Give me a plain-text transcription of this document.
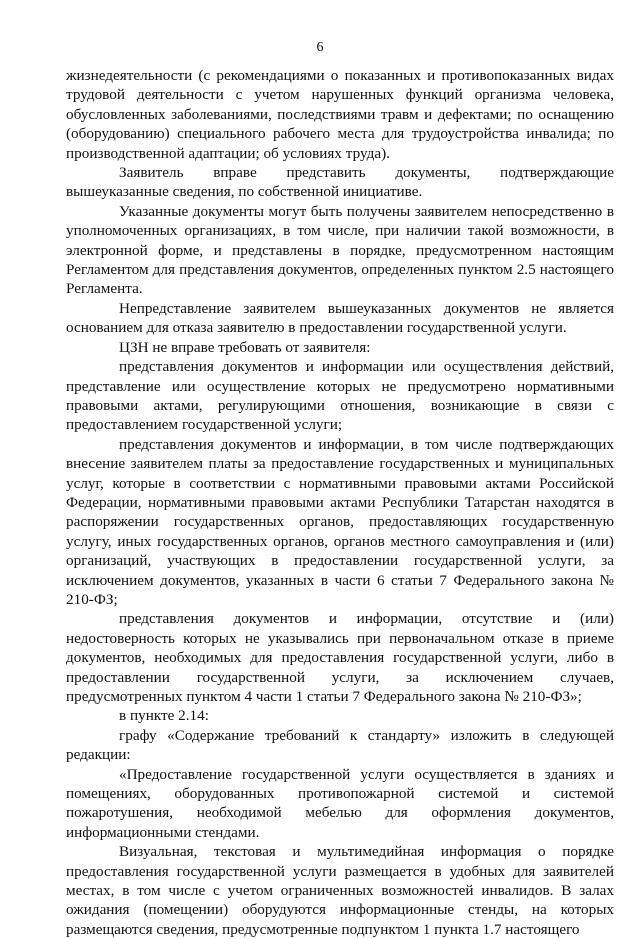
6

жизнедеятельности (с рекомендациями о показанных и противопоказанных видах трудовой деятельности с учетом нарушенных функций организма человека, обусловленных заболеваниями, последствиями травм и дефектами; по оснащению (оборудованию) специального рабочего места для трудоустройства инвалида; по производственной адаптации; об условиях труда).

Заявитель вправе представить документы, подтверждающие вышеуказанные сведения, по собственной инициативе.

Указанные документы могут быть получены заявителем непосредственно в уполномоченных организациях, в том числе, при наличии такой возможности, в электронной форме, и представлены в порядке, предусмотренном настоящим Регламентом для представления документов, определенных пунктом 2.5 настоящего Регламента.

Непредставление заявителем вышеуказанных документов не является основанием для отказа заявителю в предоставлении государственной услуги.

ЦЗН не вправе требовать от заявителя:

представления документов и информации или осуществления действий, представление или осуществление которых не предусмотрено нормативными правовыми актами, регулирующими отношения, возникающие в связи с предоставлением государственной услуги;

представления документов и информации, в том числе подтверждающих внесение заявителем платы за предоставление государственных и муниципальных услуг, которые в соответствии с нормативными правовыми актами Российской Федерации, нормативными правовыми актами Республики Татарстан находятся в распоряжении государственных органов, предоставляющих государственную услугу, иных государственных органов, органов местного самоуправления и (или) организаций, участвующих в предоставлении государственной услуги, за исключением документов, указанных в части 6 статьи 7 Федерального закона № 210-ФЗ;

представления документов и информации, отсутствие и (или) недостоверность которых не указывались при первоначальном отказе в приеме документов, необходимых для предоставления государственной услуги, либо в предоставлении государственной услуги, за исключением случаев, предусмотренных пунктом 4 части 1 статьи 7 Федерального закона № 210-ФЗ»;

в пункте 2.14:

графу «Содержание требований к стандарту» изложить в следующей редакции:

«Предоставление государственной услуги осуществляется в зданиях и помещениях, оборудованных противопожарной системой и системой пожаротушения, необходимой мебелью для оформления документов, информационными стендами.

Визуальная, текстовая и мультимедийная информация о порядке предоставления государственной услуги размещается в удобных для заявителей местах, в том числе с учетом ограниченных возможностей инвалидов. В залах ожидания (помещении) оборудуются информационные стенды, на которых размещаются сведения, предусмотренные подпунктом 1 пункта 1.7 настоящего
